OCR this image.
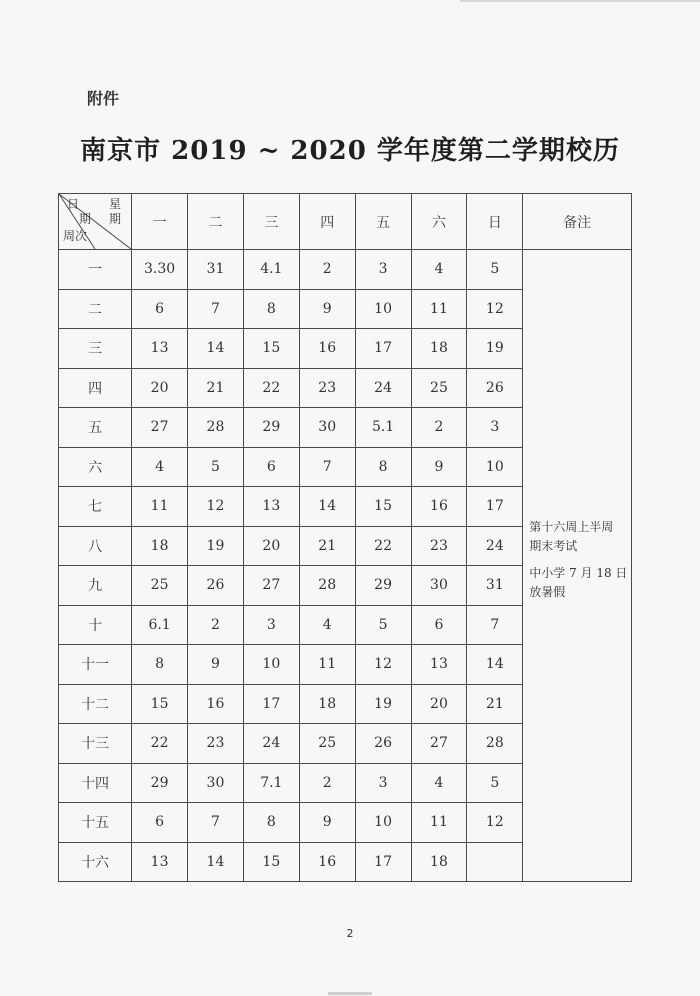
附件
南京市 2019 ~ 2020 学年度第二学期校历
日 星
期 期
周次	一	二	三	四	五	六	日	备注
一	3.30	31	4.1	2	3	4	5	第十六周上半周
期末考试
中小学 7 月 18 日
放暑假

二	6	7	8	9	10	11	12	
三	13	14	15	16	17	18	19	
四	20	21	22	23	24	25	26	
五	27	28	29	30	5.1	2	3	
六	4	5	6	7	8	9	10	
七	11	12	13	14	15	16	17	
八	18	19	20	21	22	23	24	
九	25	26	27	28	29	30	31	
十	6.1	2	3	4	5	6	7	
十一	8	9	10	11	12	13	14	
十二	15	16	17	18	19	20	21	
十三	22	23	24	25	26	27	28	
十四	29	30	7.1	2	3	4	5	
十五	6	7	8	9	10	11	12	
十六	13	14	15	16	17	18		
2
